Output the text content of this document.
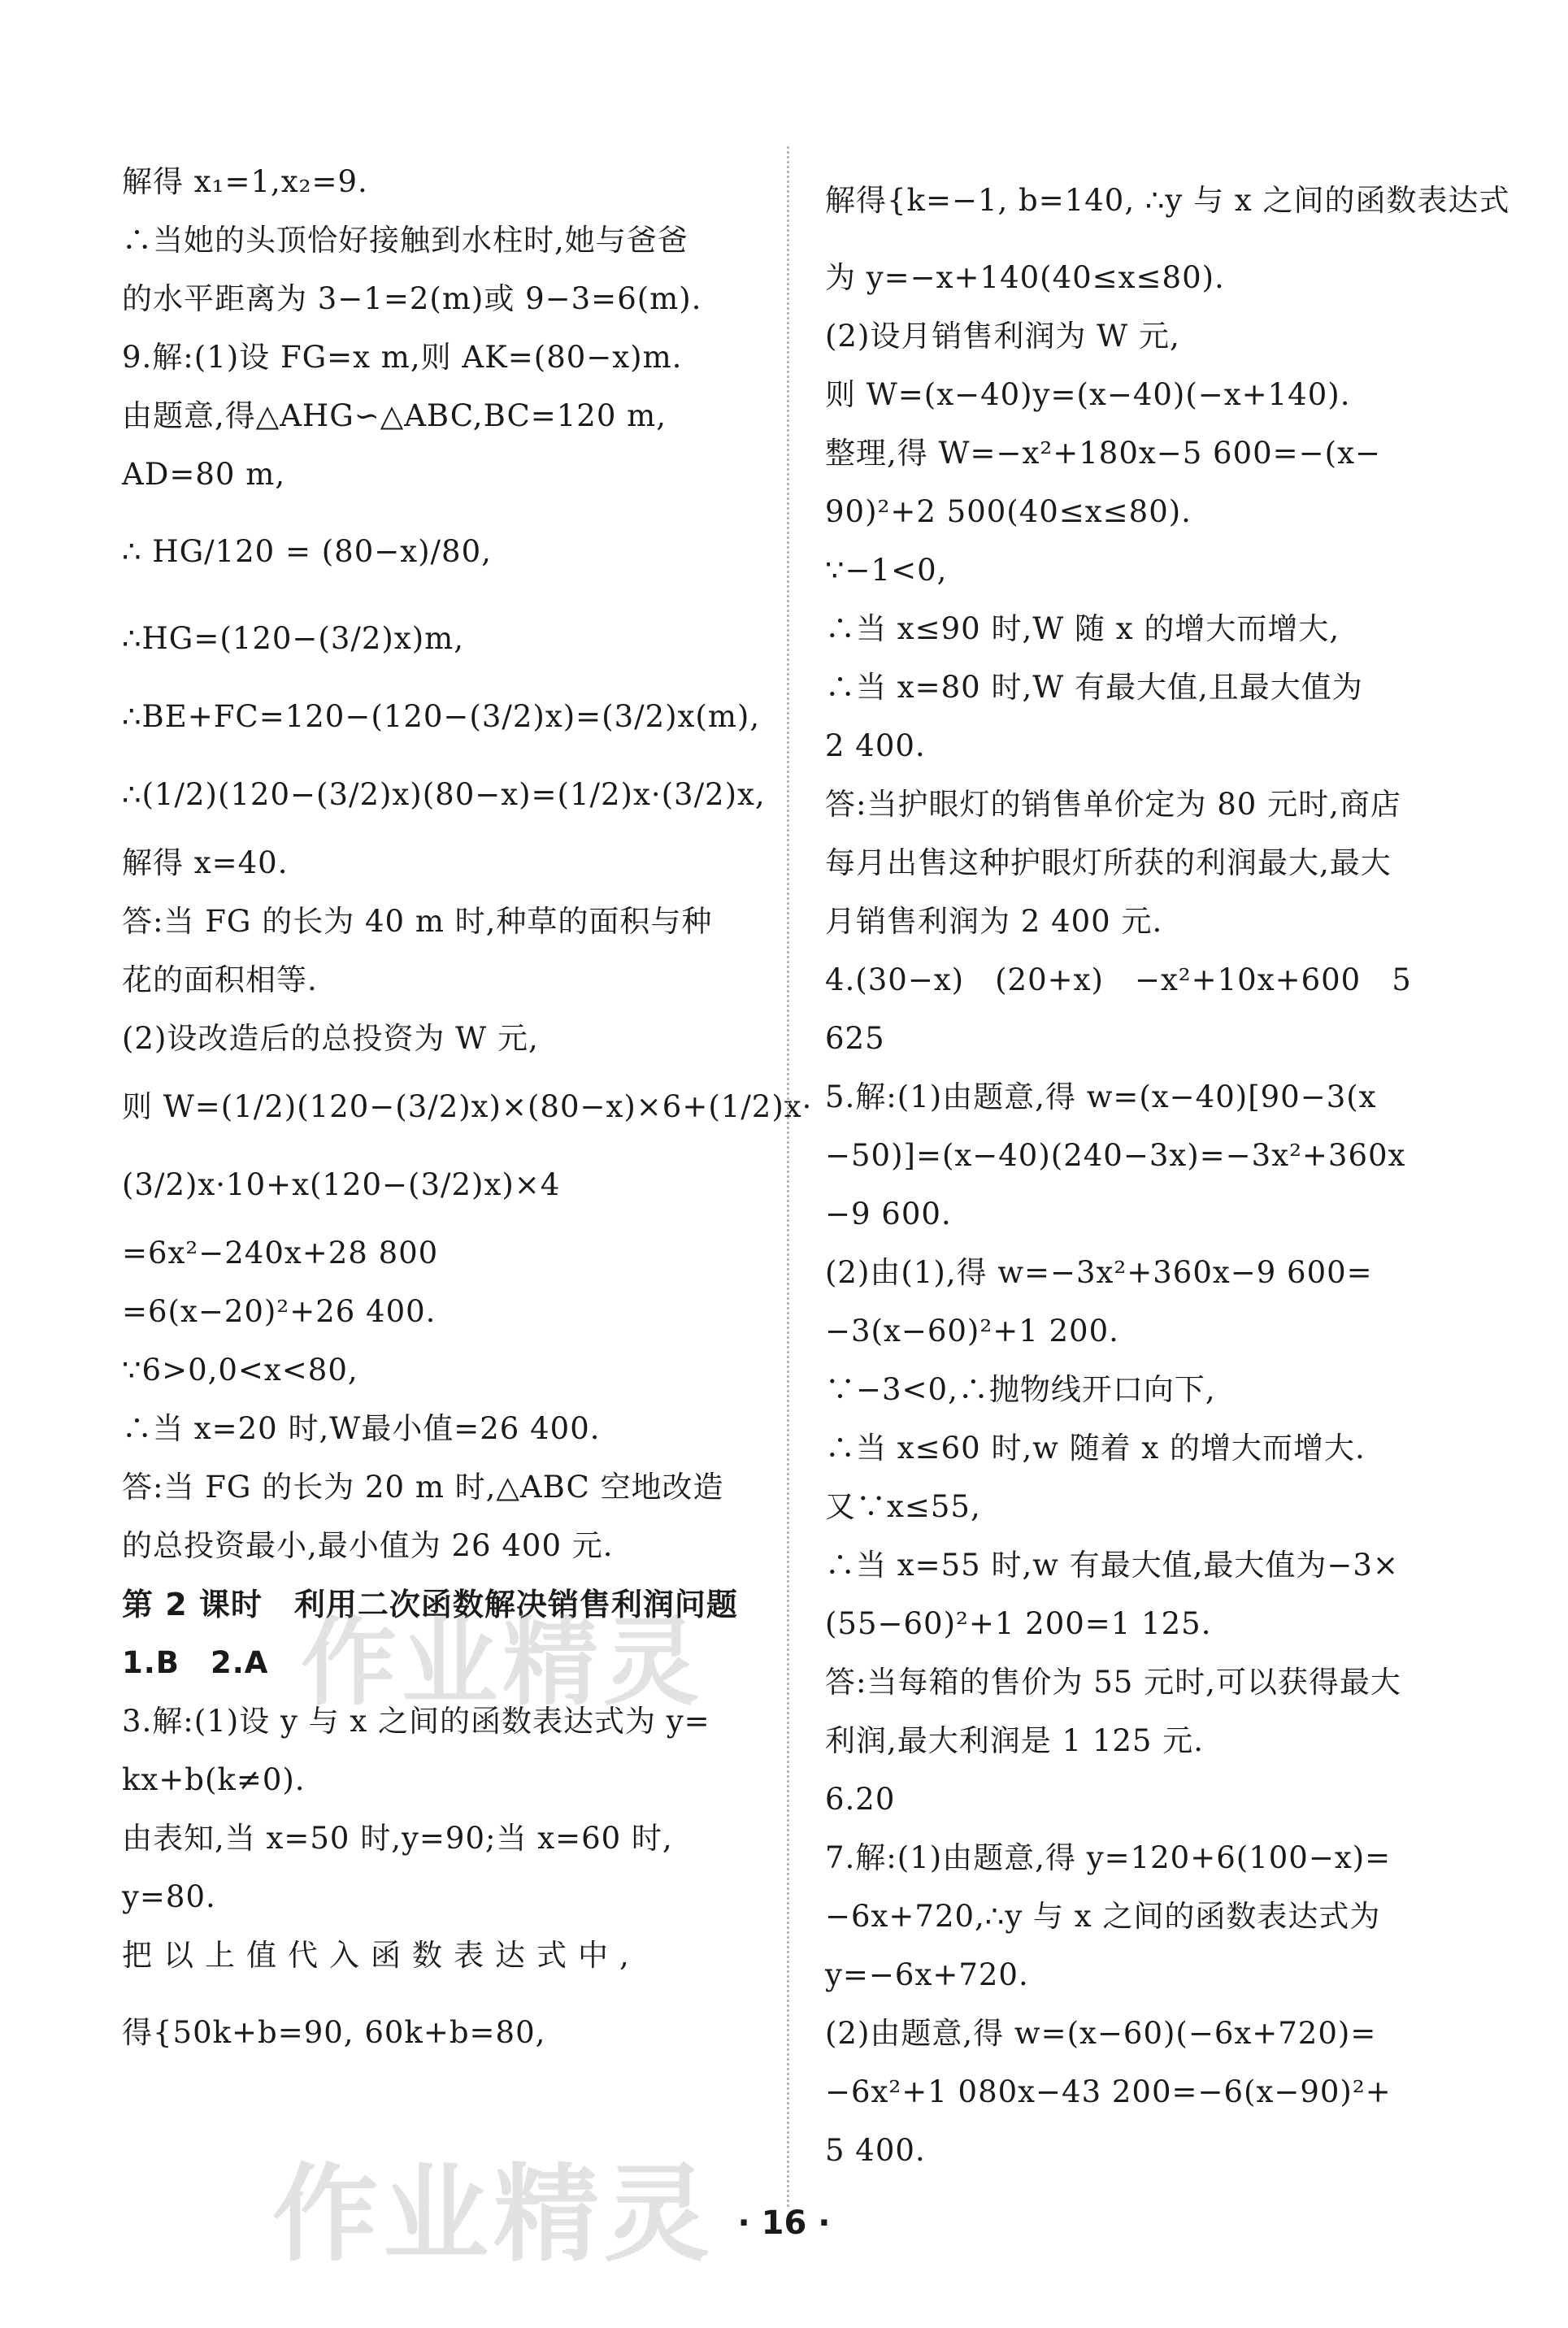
解得 x₁=1,x₂=9.
∴当她的头顶恰好接触到水柱时,她与爸爸
的水平距离为 3−1=2(m)或 9−3=6(m).
9.解:(1)设 FG=x m,则 AK=(80−x)m.
由题意,得△AHG∽△ABC,BC=120 m,
AD=80 m,
∴ HG/120 = (80−x)/80,
∴HG=(120−(3/2)x)m,
∴BE+FC=120−(120−(3/2)x)=(3/2)x(m),
∴(1/2)(120−(3/2)x)(80−x)=(1/2)x·(3/2)x,
解得 x=40.
答:当 FG 的长为 40 m 时,种草的面积与种
花的面积相等.
(2)设改造后的总投资为 W 元,
则 W=(1/2)(120−(3/2)x)×(80−x)×6+(1/2)x·
(3/2)x·10+x(120−(3/2)x)×4
=6x²−240x+28 800
=6(x−20)²+26 400.
∵6>0,0<x<80,
∴当 x=20 时,W最小值=26 400.
答:当 FG 的长为 20 m 时,△ABC 空地改造
的总投资最小,最小值为 26 400 元.
第 2 课时　利用二次函数解决销售利润问题
1.B　2.A
3.解:(1)设 y 与 x 之间的函数表达式为 y=
kx+b(k≠0).
由表知,当 x=50 时,y=90;当 x=60 时,
y=80.
把以上值代入函数表达式中,
得{50k+b=90, 60k+b=80,
解得{k=−1, b=140, ∴y 与 x 之间的函数表达式
为 y=−x+140(40≤x≤80).
(2)设月销售利润为 W 元,
则 W=(x−40)y=(x−40)(−x+140).
整理,得 W=−x²+180x−5 600=−(x−
90)²+2 500(40≤x≤80).
∵−1<0,
∴当 x≤90 时,W 随 x 的增大而增大,
∴当 x=80 时,W 有最大值,且最大值为
2 400.
答:当护眼灯的销售单价定为 80 元时,商店
每月出售这种护眼灯所获的利润最大,最大
月销售利润为 2 400 元.
4.(30−x)　(20+x)　−x²+10x+600　5
625
5.解:(1)由题意,得 w=(x−40)[90−3(x
−50)]=(x−40)(240−3x)=−3x²+360x
−9 600.
(2)由(1),得 w=−3x²+360x−9 600=
−3(x−60)²+1 200.
∵−3<0,∴抛物线开口向下,
∴当 x≤60 时,w 随着 x 的增大而增大.
又∵x≤55,
∴当 x=55 时,w 有最大值,最大值为−3×
(55−60)²+1 200=1 125.
答:当每箱的售价为 55 元时,可以获得最大
利润,最大利润是 1 125 元.
6.20
7.解:(1)由题意,得 y=120+6(100−x)=
−6x+720,∴y 与 x 之间的函数表达式为
y=−6x+720.
(2)由题意,得 w=(x−60)(−6x+720)=
−6x²+1 080x−43 200=−6(x−90)²+
5 400.
· 16 ·
作业精灵
作业精灵
